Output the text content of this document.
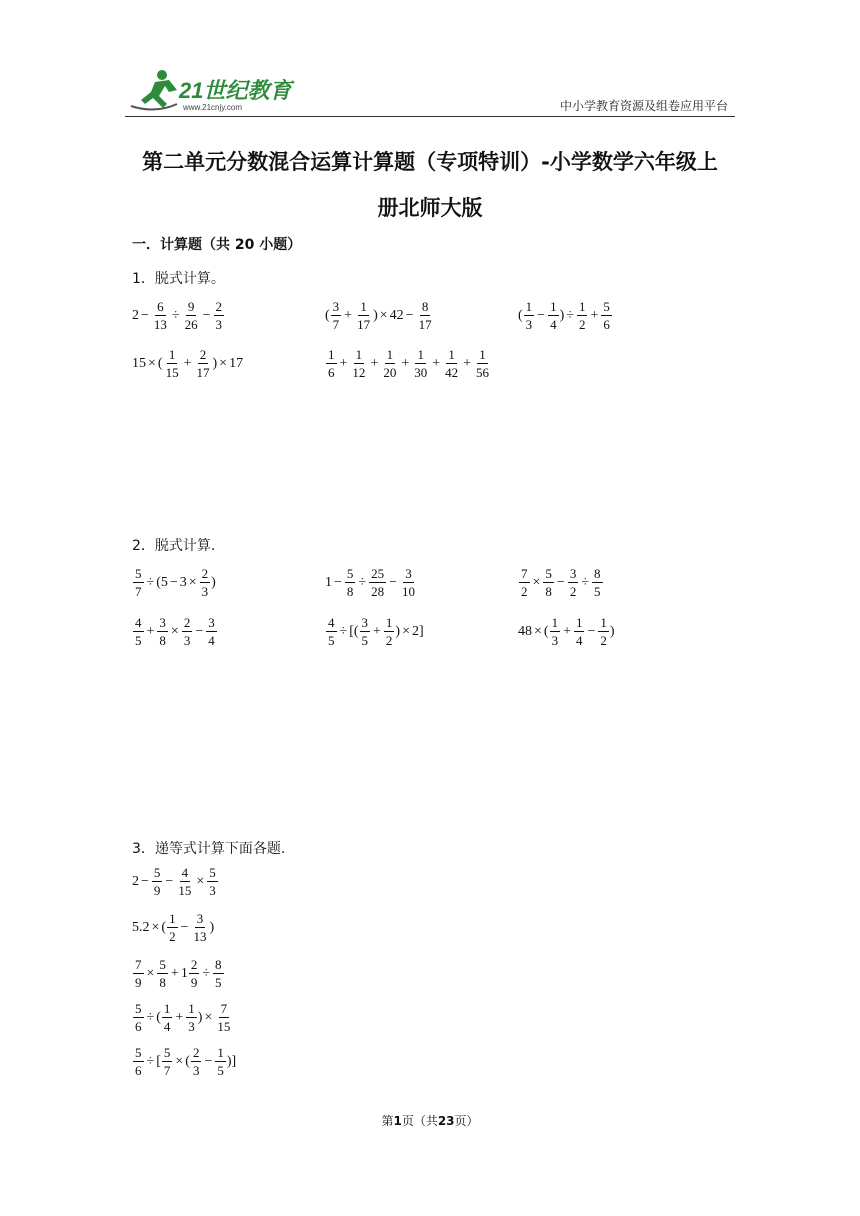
21世纪教育
www.21cnjy.com	中小学教育资源及组卷应用平台
第二单元分数混合运算计算题（专项特训）-小学数学六年级上
册北师大版
一．计算题（共 20 小题）
1．脱式计算。
$2 - \frac{6}{13} \div \frac{9}{26} - \frac{2}{3}$	( $\frac{3}{7} + \frac{1}{17}$ ) × $42 - \frac{8}{17}$	( $\frac{1}{3} - \frac{1}{4}$ ) ÷ $\frac{1}{2} + \frac{5}{6}$
15 × ( $\frac{1}{15} + \frac{2}{17}$ ) × 17	$\frac{1}{6} + \frac{1}{12} + \frac{1}{20} + \frac{1}{30} + \frac{1}{42} + \frac{1}{56}$
2．脱式计算.
$\frac{5}{7}$ ÷ ( $5 - 3 \times \frac{2}{3}$ )	$1 - \frac{5}{8} \div \frac{25}{28} - \frac{3}{10}$	$\frac{7}{2} \times \frac{5}{8} - \frac{3}{2} \div \frac{8}{5}$
$\frac{4}{5} + \frac{3}{8} \times \frac{2}{3} - \frac{3}{4}$	$\frac{4}{5}$ ÷ [( $\frac{3}{5} + \frac{1}{2}$ ) × 2]	48 × ( $\frac{1}{3} + \frac{1}{4} - \frac{1}{2}$ )
3．递等式计算下面各题.
$2 - \frac{5}{9} - \frac{4}{15} \times \frac{5}{3}$
5.2 × ( $\frac{1}{2} - \frac{3}{13}$ )
$\frac{7}{9} \times \frac{5}{8} + 1 \frac{2}{9} \div \frac{8}{5}$
$\frac{5}{6}$ ÷ ( $\frac{1}{4} + \frac{1}{3}$ ) × $\frac{7}{15}$
$\frac{5}{6}$ ÷ [ $\frac{5}{7}$ × ( $\frac{2}{3} - \frac{1}{5}$ )]
第1页（共23页）
